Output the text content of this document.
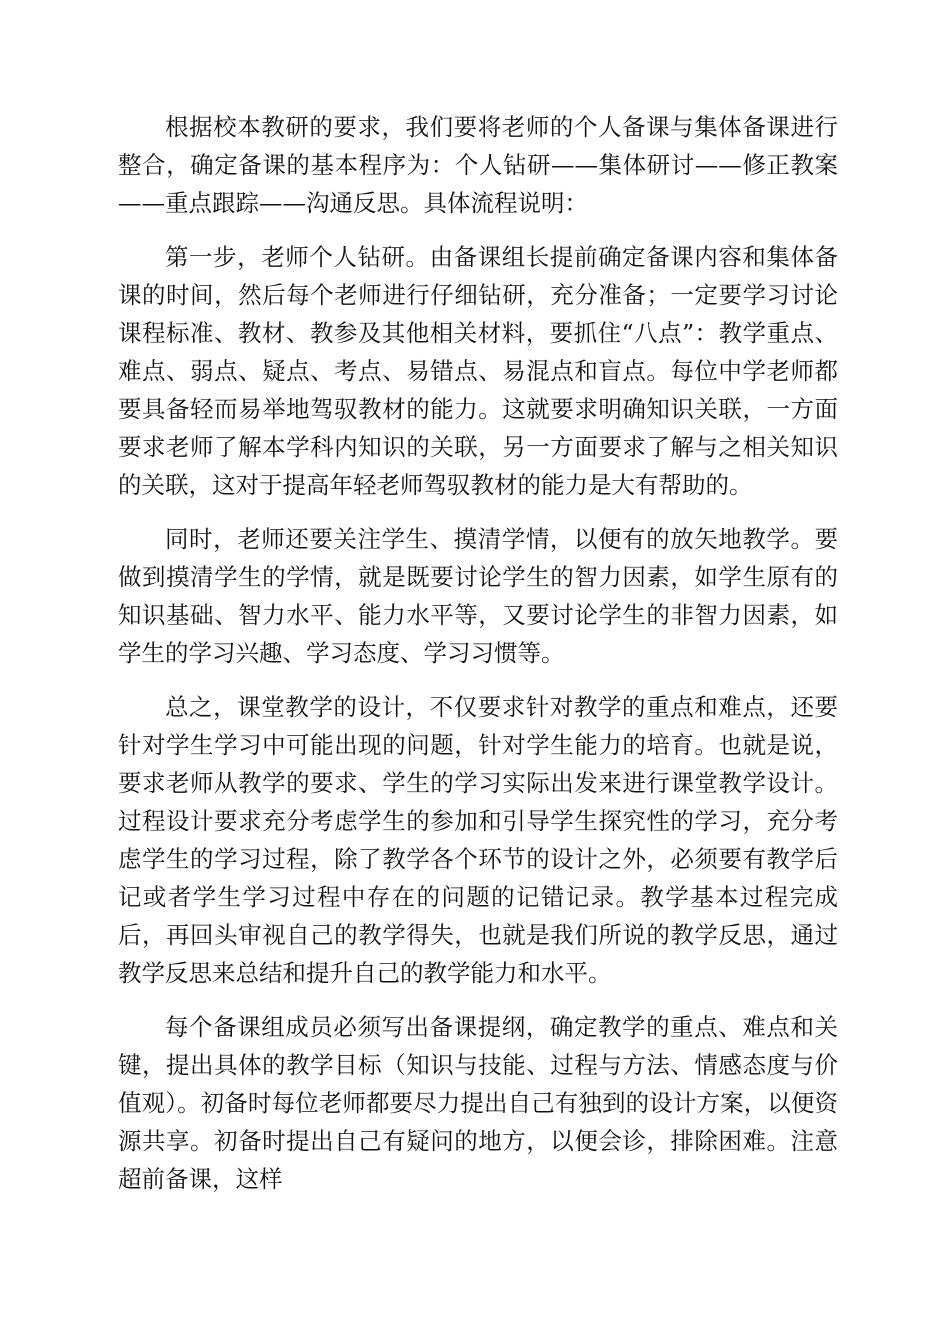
根据校本教研的要求，我们要将老师的个人备课与集体备课进行整合，确定备课的基本程序为：个人钻研——集体研讨——修正教案——重点跟踪——沟通反思。具体流程说明：

第一步，老师个人钻研。由备课组长提前确定备课内容和集体备课的时间，然后每个老师进行仔细钻研，充分准备；一定要学习讨论课程标准、教材、教参及其他相关材料，要抓住“八点”：教学重点、难点、弱点、疑点、考点、易错点、易混点和盲点。每位中学老师都要具备轻而易举地驾驭教材的能力。这就要求明确知识关联，一方面要求老师了解本学科内知识的关联，另一方面要求了解与之相关知识的关联，这对于提高年轻老师驾驭教材的能力是大有帮助的。

同时，老师还要关注学生、摸清学情，以便有的放矢地教学。要做到摸清学生的学情，就是既要讨论学生的智力因素，如学生原有的知识基础、智力水平、能力水平等，又要讨论学生的非智力因素，如学生的学习兴趣、学习态度、学习习惯等。

总之，课堂教学的设计，不仅要求针对教学的重点和难点，还要针对学生学习中可能出现的问题，针对学生能力的培育。也就是说，要求老师从教学的要求、学生的学习实际出发来进行课堂教学设计。过程设计要求充分考虑学生的参加和引导学生探究性的学习，充分考虑学生的学习过程，除了教学各个环节的设计之外，必须要有教学后记或者学生学习过程中存在的问题的记错记录。教学基本过程完成后，再回头审视自己的教学得失，也就是我们所说的教学反思，通过教学反思来总结和提升自己的教学能力和水平。

每个备课组成员必须写出备课提纲，确定教学的重点、难点和关键，提出具体的教学目标（知识与技能、过程与方法、情感态度与价值观）。初备时每位老师都要尽力提出自己有独到的设计方案，以便资源共享。初备时提出自己有疑问的地方，以便会诊，排除困难。注意超前备课，这样
